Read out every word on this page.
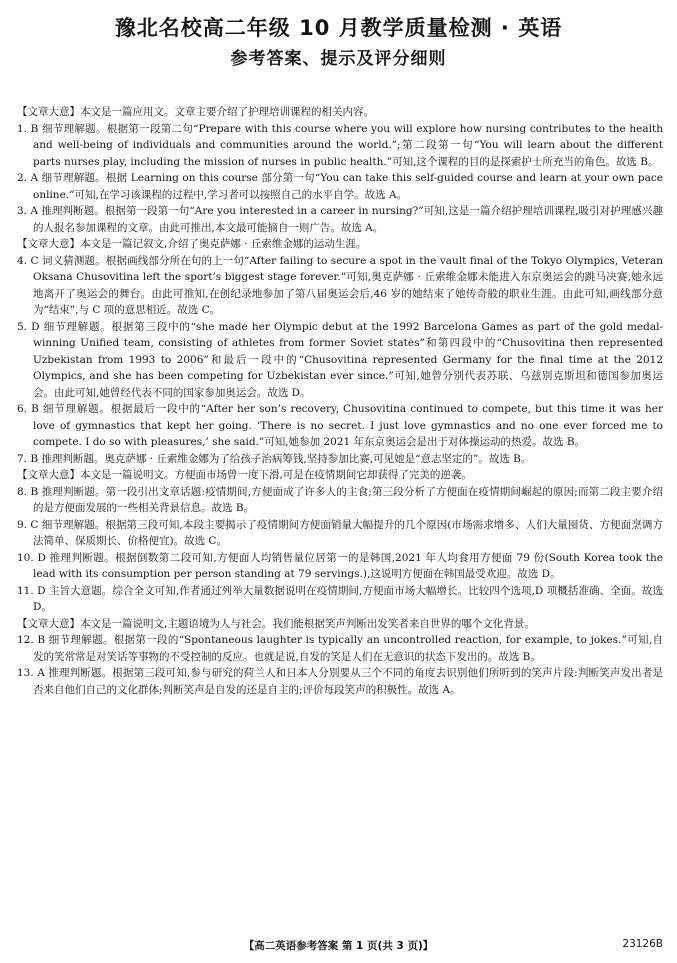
豫北名校高二年级 10 月教学质量检测 · 英语
参考答案、提示及评分细则
【文章大意】本文是一篇应用文。文章主要介绍了护理培训课程的相关内容。
1. B 细节理解题。根据第一段第二句“Prepare with this course where you will explore how nursing contributes to the health and well-being of individuals and communities around the world.”;第二段第一句“You will learn about the different parts nurses play, including the mission of nurses in public health.”可知,这个课程的目的是探索护士所充当的角色。故选 B。
2. A 细节理解题。根据 Learning on this course 部分第一句“You can take this self-guided course and learn at your own pace online.”可知,在学习该课程的过程中,学习者可以按照自己的水平自学。故选 A。
3. A 推理判断题。根据第一段第一句“Are you interested in a career in nursing?”可知,这是一篇介绍护理培训课程,吸引对护理感兴趣的人报名参加课程的文章。由此可推出,本文最可能摘自一则广告。故选 A。
【文章大意】本文是一篇记叙文,介绍了奥克萨娜 · 丘索维金娜的运动生涯。
4. C 词义猜测题。根据画线部分所在句的上一句“After failing to secure a spot in the vault final of the Tokyo Olympics, Veteran Oksana Chusovitina left the sport’s biggest stage forever.”可知,奥克萨娜 · 丘索维金娜未能进入东京奥运会的跳马决赛,她永远地离开了奥运会的舞台。由此可推知,在创纪录地参加了第八届奥运会后,46 岁的她结束了她传奇般的职业生涯。由此可知,画线部分意为“结束”,与 C 项的意思相近。故选 C。
5. D 细节理解题。根据第三段中的“she made her Olympic debut at the 1992 Barcelona Games as part of the gold medal-winning Unified team, consisting of athletes from former Soviet states”和第四段中的“Chusovitina then represented Uzbekistan from 1993 to 2006”和最后一段中的“Chusovitina represented Germany for the final time at the 2012 Olympics, and she has been competing for Uzbekistan ever since.”可知,她曾分别代表苏联、乌兹别克斯坦和德国参加奥运会。由此可知,她曾经代表不同的国家参加奥运会。故选 D。
6. B 细节理解题。根据最后一段中的“After her son’s recovery, Chusovitina continued to compete, but this time it was her love of gymnastics that kept her going. ‘There is no secret. I just love gymnastics and no one ever forced me to compete. I do so with pleasures,’ she said.”可知,她参加 2021 年东京奥运会是出于对体操运动的热爱。故选 B。
7. B 推理判断题。奥克萨娜 · 丘索维金娜为了给孩子治病筹钱,坚持参加比赛,可见她是“意志坚定的”。故选 B。
【文章大意】本文是一篇说明文。方便面市场曾一度下滑,可是在疫情期间它却获得了完美的逆袭。
8. B 推理判断题。第一段引出文章话题:疫情期间,方便面成了许多人的主食;第三段分析了方便面在疫情期间崛起的原因;而第二段主要介绍的是方便面发展的一些相关背景信息。故选 B。
9. C 细节理解题。根据第三段可知,本段主要揭示了疫情期间方便面销量大幅提升的几个原因(市场需求增多、人们大量囤货、方便面烹调方法简单、保质期长、价格便宜)。故选 C。
10. D 推理判断题。根据倒数第二段可知,方便面人均销售量位居第一的是韩国,2021 年人均食用方便面 79 份(South Korea took the lead with its consumption per person standing at 79 servings.),这说明方便面在韩国最受欢迎。故选 D。
11. D 主旨大意题。综合全文可知,作者通过列举大量数据说明在疫情期间,方便面市场大幅增长。比较四个选项,D 项概括准确、全面。故选 D。
【文章大意】本文是一篇说明文,主题语境为人与社会。我们能根据笑声判断出发笑者来自世界的哪个文化背景。
12. B 细节理解题。根据第一段的“Spontaneous laughter is typically an uncontrolled reaction, for example, to jokes.”可知,自发的笑常常是对笑话等事物的不受控制的反应。也就是说,自发的笑是人们在无意识的状态下发出的。故选 B。
13. A 推理判断题。根据第三段可知,参与研究的荷兰人和日本人分别要从三个不同的角度去识别他们所听到的笑声片段:判断笑声发出者是否来自他们自己的文化群体;判断笑声是自发的还是自主的;评价每段笑声的积极性。故选 A。
【高二英语参考答案 第 1 页(共 3 页)】	23126B
